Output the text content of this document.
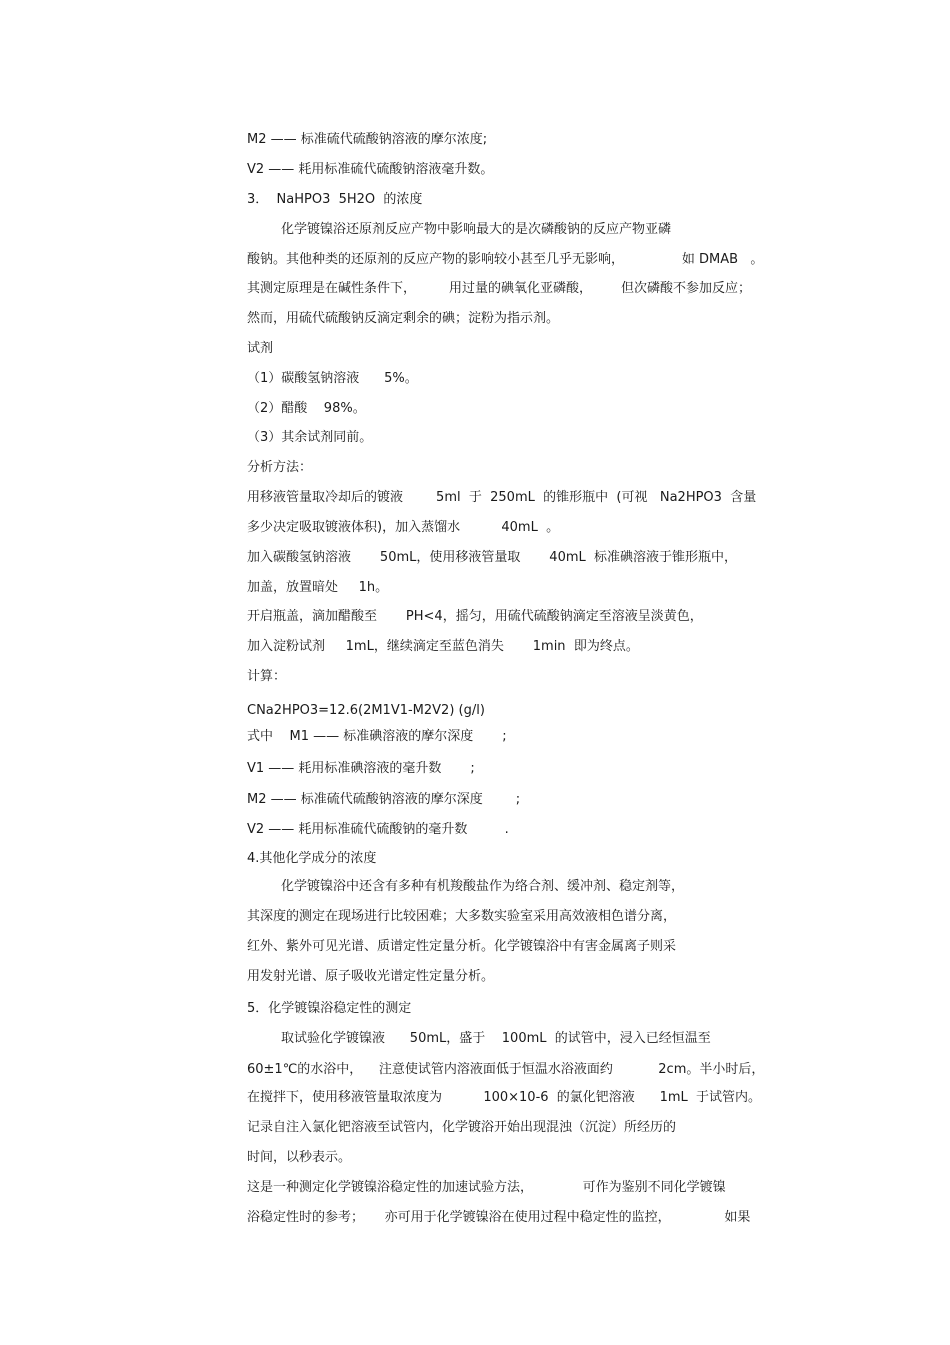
M2 —— 标准硫代硫酸钠溶液的摩尔浓度;
V2 —— 耗用标准硫代硫酸钠溶液毫升数。
3．  NaHPO3  5H2O  的浓度
化学镀镍浴还原剂反应产物中影响最大的是次磷酸钠的反应产物亚磷
酸钠。其他种类的还原剂的反应产物的影响较小甚至几乎无影响，              如 DMAB   。
其测定原理是在碱性条件下，        用过量的碘氧化亚磷酸，       但次磷酸不参加反应；
然而，用硫代硫酸钠反滴定剩余的碘；淀粉为指示剂。
试剂
（1）碳酸氢钠溶液      5%。
（2）醋酸    98%。
（3）其余试剂同前。
分析方法：
用移液管量取冷却后的镀液        5ml  于  250mL  的锥形瓶中  (可视   Na2HPO3  含量
多少决定吸取镀液体积)，加入蒸馏水          40mL  。
加入碳酸氢钠溶液       50mL，使用移液管量取       40mL  标准碘溶液于锥形瓶中，
加盖，放置暗处     1h。
开启瓶盖，滴加醋酸至       PH<4，摇匀，用硫代硫酸钠滴定至溶液呈淡黄色，
加入淀粉试剂     1mL，继续滴定至蓝色消失       1min  即为终点。
计算：
CNa2HPO3=12.6(2M1V1-M2V2) (g/l)
式中    M1 —— 标准碘溶液的摩尔深度       ;
V1 —— 耗用标准碘溶液的毫升数       ;
M2 —— 标准硫代硫酸钠溶液的摩尔深度        ;
V2 —— 耗用标准硫代硫酸钠的毫升数         .
4.其他化学成分的浓度
化学镀镍浴中还含有多种有机羧酸盐作为络合剂、缓冲剂、稳定剂等，
其深度的测定在现场进行比较困难；大多数实验室采用高效液相色谱分离，
红外、紫外可见光谱、质谱定性定量分析。化学镀镍浴中有害金属离子则采
用发射光谱、原子吸收光谱定性定量分析。
5．化学镀镍浴稳定性的测定
取试验化学镀镍液      50mL，盛于    100mL  的试管中，浸入已经恒温至
60±1℃的水浴中，    注意使试管内溶液面低于恒温水浴液面约           2cm。半小时后，
在搅拌下，使用移液管量取浓度为          100×10-6  的氯化钯溶液      1mL  于试管内。
记录自注入氯化钯溶液至试管内，化学镀浴开始出现混浊（沉淀）所经历的
时间，以秒表示。
这是一种测定化学镀镍浴稳定性的加速试验方法，            可作为鉴别不同化学镀镍
浴稳定性时的参考；     亦可用于化学镀镍浴在使用过程中稳定性的监控，             如果
